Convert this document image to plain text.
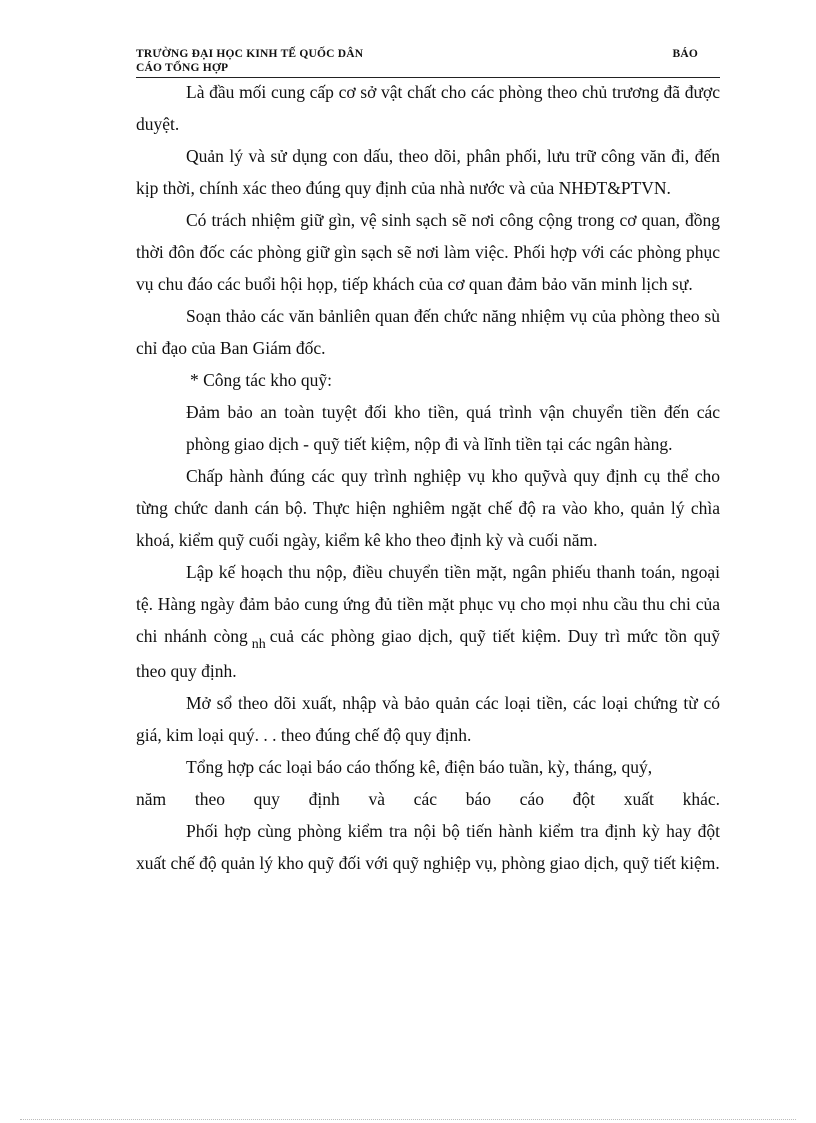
TRƯỜNG ĐẠI HỌC KINH TẾ QUỐC DÂN	BÁO
CÁO TỔNG HỢP

Là đầu mối cung cấp cơ sở vật chất cho các phòng theo chủ trương đã được duyệt.

Quản lý và sử dụng con dấu, theo dõi, phân phối, lưu trữ công văn đi, đến kịp thời, chính xác theo đúng quy định của nhà nước và của NHĐT&PTVN.

Có trách nhiệm giữ gìn, vệ sinh sạch sẽ nơi công cộng trong cơ quan, đồng thời đôn đốc các phòng giữ gìn sạch sẽ nơi làm việc. Phối hợp với các phòng phục vụ chu đáo các buổi hội họp, tiếp khách của cơ quan đảm bảo văn minh lịch sự.

Soạn thảo các văn bảnliên quan đến chức năng nhiệm vụ của phòng theo sù chỉ đạo của Ban Giám đốc.

* Công tác kho quỹ:

Đảm bảo an toàn tuyệt đối kho tiền, quá trình vận chuyển tiền đến các phòng giao dịch - quỹ tiết kiệm, nộp đi và lĩnh tiền tại các ngân hàng.

Chấp hành đúng các quy trình nghiệp vụ kho quỹvà quy định cụ thể cho từng chức danh cán bộ. Thực hiện nghiêm ngặt chế độ ra vào kho, quản lý chìa khoá, kiểm quỹ cuối ngày, kiểm kê kho theo định kỳ và cuối năm.

Lập kế hoạch thu nộp, điều chuyển tiền mặt, ngân phiếu thanh toán, ngoại tệ. Hàng ngày đảm bảo cung ứng đủ tiền mặt phục vụ cho mọi nhu cầu thu chi của chi nhánh còng $_{nh}$ cuả các phòng giao dịch, quỹ tiết kiệm. Duy trì mức tồn quỹ theo quy định.

Mở sổ theo dõi xuất, nhập và bảo quản các loại tiền, các loại chứng từ có giá, kim loại quý. . . theo đúng chế độ quy định.

Tổng hợp các loại báo cáo thống kê, điện báo tuần, kỳ, tháng, quý,

năm theo quy định và các báo cáo đột xuất khác.

Phối hợp cùng phòng kiểm tra nội bộ tiến hành kiểm tra định kỳ hay đột xuất chế độ quản lý kho quỹ đối với quỹ nghiệp vụ, phòng giao dịch, quỹ tiết kiệm.
